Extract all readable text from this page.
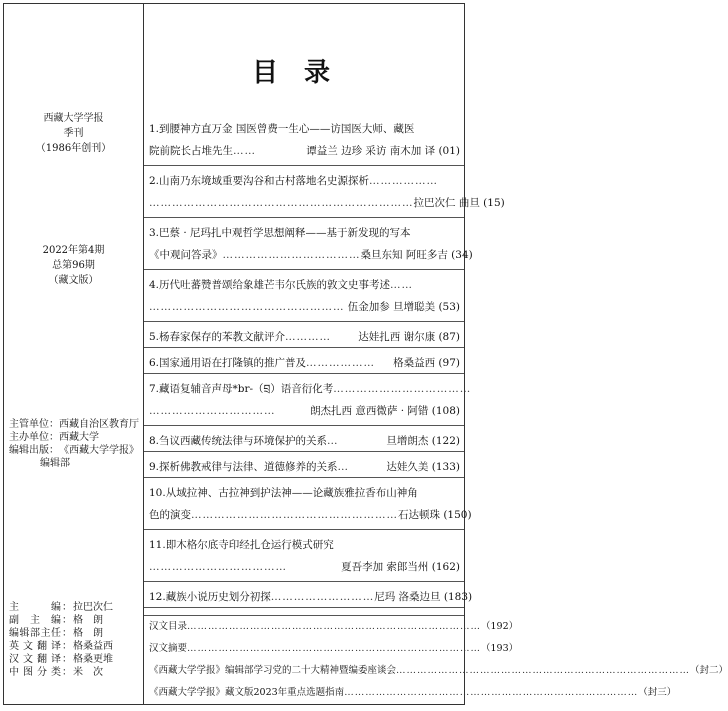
西藏大学学报
季刊
（1986年创刊）
2022年第4期
总第96期
（藏文版）
主管单位： 西藏自治区教育厅
主办单位： 西藏大学
编辑出版： 《西藏大学学报》
编辑部
主	编 ： 拉巴次仁
副 主 编 ： 格　朗
编 辑 部 主 任 ： 格　朗
英 文 翻 译 ： 格桑益西
汉 文 翻 译 ： 格桑更堆
中 图 分 类 ： 米　次
目录
1.到腰神方直万金 国医曾费一生心——访国医大师、藏医
院前院长占堆先生 ……	谭益兰 边珍 采访 南木加 译 (01)
2.山南乃东境域重要沟谷和古村落地名史源探析 ………………
…………………………………………………………… 拉巴次仁 曲旦 (15)
3.巴蔡 · 尼玛扎中观哲学思想阐释——基于新发现的写本
《中观问答录》 ……………………………… 桑旦东知 阿旺多吉 (34)
4.历代吐蕃赞普颂给象雄芒韦尔氏族的敦文史事考述 ……
…………………………………………… 伍金加参 旦增聪美 (53)
5.杨春家保存的苯教文献评介 …………	达娃扎西 谢尔康 (87)
6.国家通用语在打隆镇的推广普及 ………………	格桑益西 (97)
7.藏语复辅音声母*br-（བྲ）语音衍化考 ………………………………
……………………………	朗杰扎西 意西微萨 · 阿错 (108)
8.刍议西藏传统法律与环境保护的关系 …	旦增朗杰 (122)
9.探析佛教戒律与法律、道德修养的关系 …	达娃久美 (133)
10.从域拉神、古拉神到护法神——论藏族雅拉香布山神角
色的演变 ……………………………………………… 石达顿珠 (150)
11.即木格尔底寺印经扎仓运行模式研究
………………………………	夏吾李加 索郎当州 (162)
12.藏族小说历史划分初探 ……………………… 尼玛 洛桑边旦 (183)
汉文目录 ………………………………………………………………………… （192）
汉文摘要 ………………………………………………………………………… （193）
《西藏大学学报》编辑部学习党的二十大精神暨编委座谈会 ………………………………………………………………………… （封二）
《西藏大学学报》藏文版2023年重点选题指南 ………………………………………………………………………… （封三）
